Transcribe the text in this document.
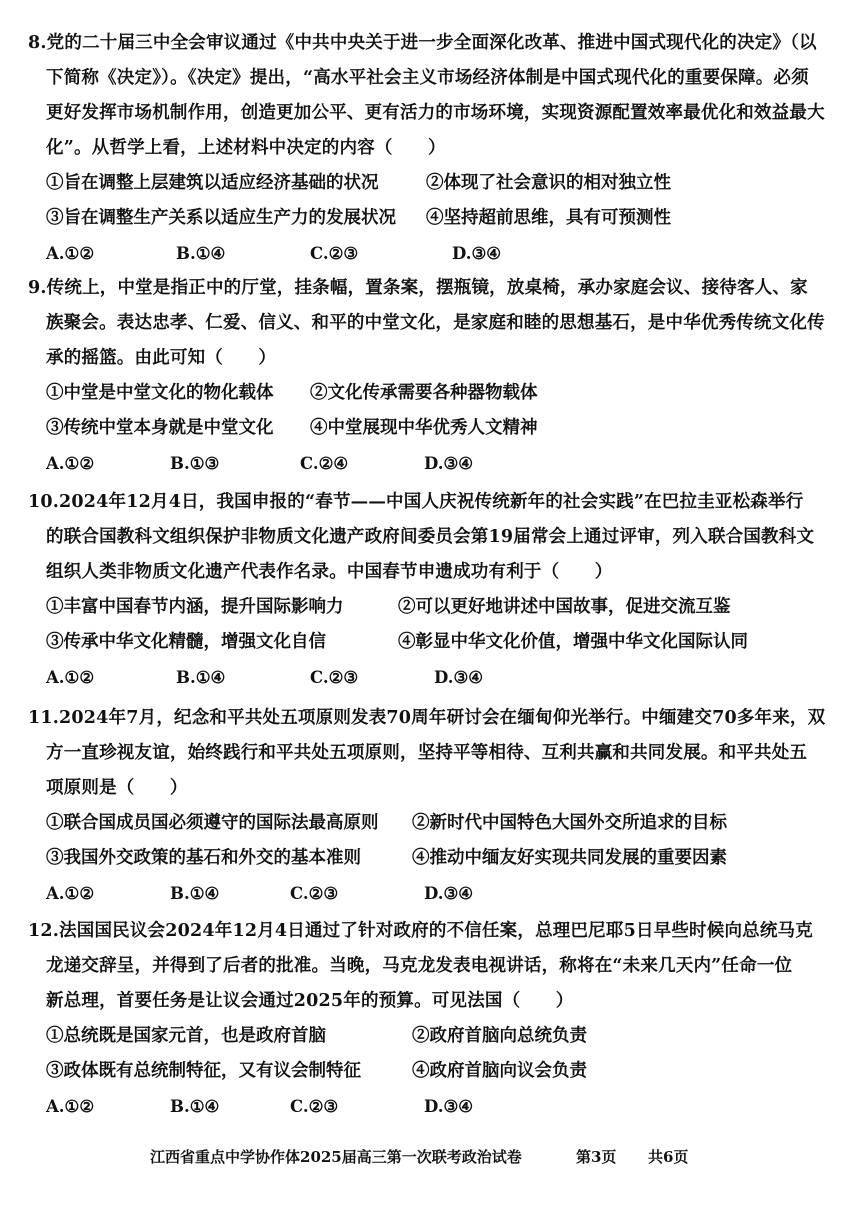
8.党的二十届三中全会审议通过《中共中央关于进一步全面深化改革、推进中国式现代化的决定》（以
下简称《决定》）。《决定》提出，“高水平社会主义市场经济体制是中国式现代化的重要保障。必须
更好发挥市场机制作用，创造更加公平、更有活力的市场环境，实现资源配置效率最优化和效益最大
化”。从哲学上看，上述材料中决定的内容（　　）
①旨在调整上层建筑以适应经济基础的状况	②体现了社会意识的相对独立性
③旨在调整生产关系以适应生产力的发展状况 ④坚持超前思维，具有可预测性
A.①②	B.①④	C.②③	D.③④
9.传统上，中堂是指正中的厅堂，挂条幅，置条案，摆瓶镜，放桌椅，承办家庭会议、接待客人、家
族聚会。表达忠孝、仁爱、信义、和平的中堂文化，是家庭和睦的思想基石，是中华优秀传统文化传
承的摇篮。由此可知（　　）
①中堂是中堂文化的物化载体 ②文化传承需要各种器物载体
③传统中堂本身就是中堂文化 ④中堂展现中华优秀人文精神
A.①②	B.①③	C.②④	D.③④
10.2024年12月4日，我国申报的“春节——中国人庆祝传统新年的社会实践”在巴拉圭亚松森举行
的联合国教科文组织保护非物质文化遗产政府间委员会第19届常会上通过评审，列入联合国教科文
组织人类非物质文化遗产代表作名录。中国春节申遗成功有利于（　　）
①丰富中国春节内涵，提升国际影响力	②可以更好地讲述中国故事，促进交流互鉴
③传承中华文化精髓，增强文化自信	④彰显中华文化价值，增强中华文化国际认同
A.①②	B.①④	C.②③	D.③④
11.2024年7月，纪念和平共处五项原则发表70周年研讨会在缅甸仰光举行。中缅建交70多年来，双
方一直珍视友谊，始终践行和平共处五项原则，坚持平等相待、互利共赢和共同发展。和平共处五
项原则是（　　）
①联合国成员国必须遵守的国际法最高原则 ②新时代中国特色大国外交所追求的目标
③我国外交政策的基石和外交的基本准则	④推动中缅友好实现共同发展的重要因素
A.①②	B.①④	C.②③	D.③④
12.法国国民议会2024年12月4日通过了针对政府的不信任案，总理巴尼耶5日早些时候向总统马克
龙递交辞呈，并得到了后者的批准。当晚，马克龙发表电视讲话，称将在“未来几天内”任命一位
新总理，首要任务是让议会通过2025年的预算。可见法国（　　）
①总统既是国家元首，也是政府首脑	②政府首脑向总统负责
③政体既有总统制特征，又有议会制特征	④政府首脑向议会负责
A.①②	B.①④	C.②③	D.③④
江西省重点中学协作体2025届高三第一次联考政治试卷	第3页 共6页
